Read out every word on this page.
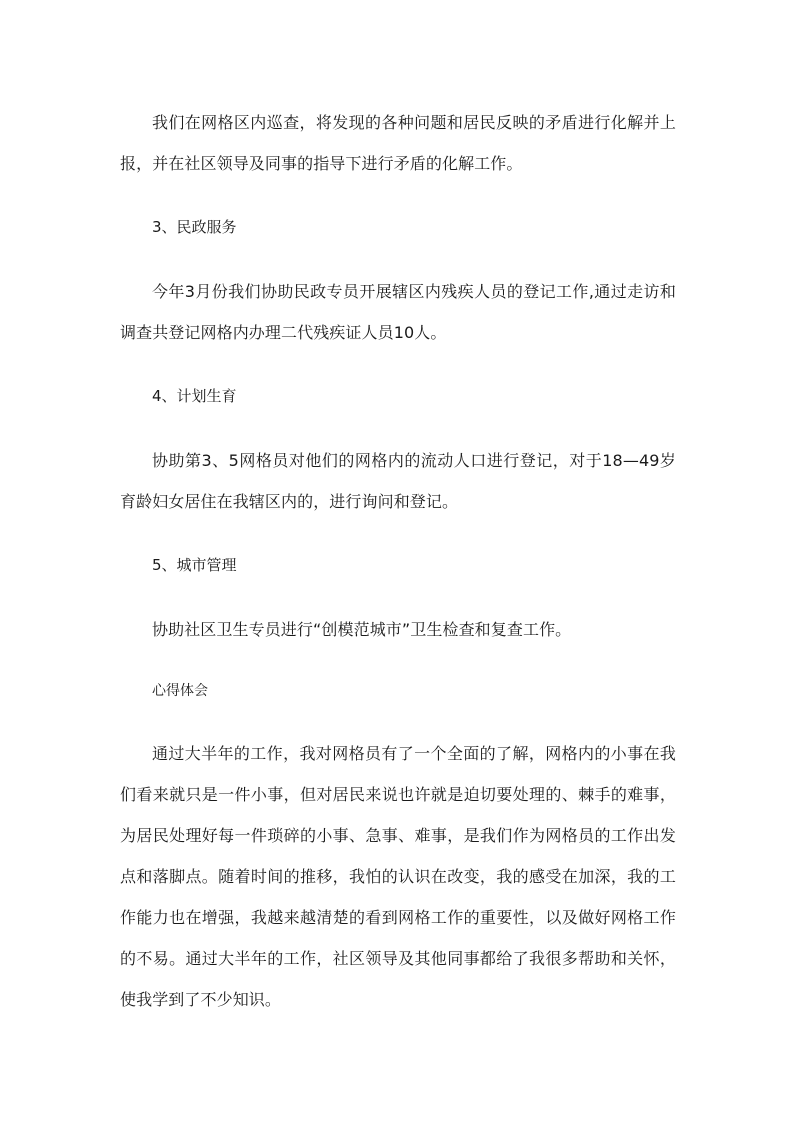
我们在网格区内巡查，将发现的各种问题和居民反映的矛盾进行化解并上报，并在社区领导及同事的指导下进行矛盾的化解工作。

3、民政服务

今年3月份我们协助民政专员开展辖区内残疾人员的登记工作,通过走访和调查共登记网格内办理二代残疾证人员10人。

4、计划生育

协助第3、5网格员对他们的网格内的流动人口进行登记，对于18—49岁育龄妇女居住在我辖区内的，进行询问和登记。

5、城市管理

协助社区卫生专员进行“创模范城市”卫生检查和复查工作。

心得体会

通过大半年的工作，我对网格员有了一个全面的了解，网格内的小事在我们看来就只是一件小事，但对居民来说也许就是迫切要处理的、棘手的难事，为居民处理好每一件琐碎的小事、急事、难事，是我们作为网格员的工作出发点和落脚点。随着时间的推移，我怕的认识在改变，我的感受在加深，我的工作能力也在增强，我越来越清楚的看到网格工作的重要性，以及做好网格工作的不易。通过大半年的工作，社区领导及其他同事都给了我很多帮助和关怀，使我学到了不少知识。
